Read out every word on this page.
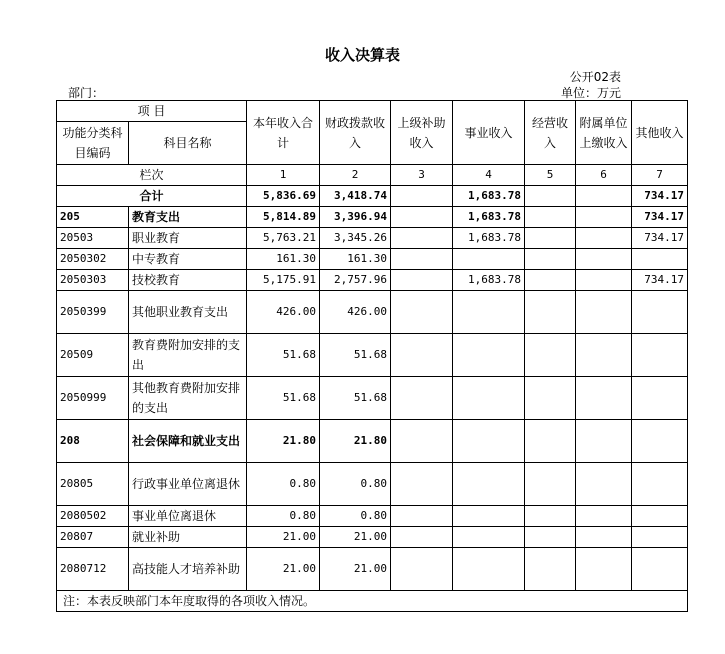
收入决算表
公开02表
单位：万元
部门：
项 目		本年收入合计	财政拨款收入	上级补助收入	事业收入	经营收入	附属单位上缴收入	其他收入
功能分类科目编码	科目名称							
栏次		1	2	3	4	5	6	7
合计		5,836.69	3,418.74		1,683.78			734.17
205	教育支出	5,814.89	3,396.94		1,683.78			734.17
20503	职业教育	5,763.21	3,345.26		1,683.78			734.17
2050302	中专教育	161.30	161.30					
2050303	技校教育	5,175.91	2,757.96		1,683.78			734.17
2050399	其他职业教育支出	426.00	426.00					
20509	教育费附加安排的支出	51.68	51.68					
2050999	其他教育费附加安排的支出	51.68	51.68					
208	社会保障和就业支出	21.80	21.80					
20805	行政事业单位离退休	0.80	0.80					
2080502	事业单位离退休	0.80	0.80					
20807	就业补助	21.00	21.00					
2080712	高技能人才培养补助	21.00	21.00					
注：本表反映部门本年度取得的各项收入情况。								
